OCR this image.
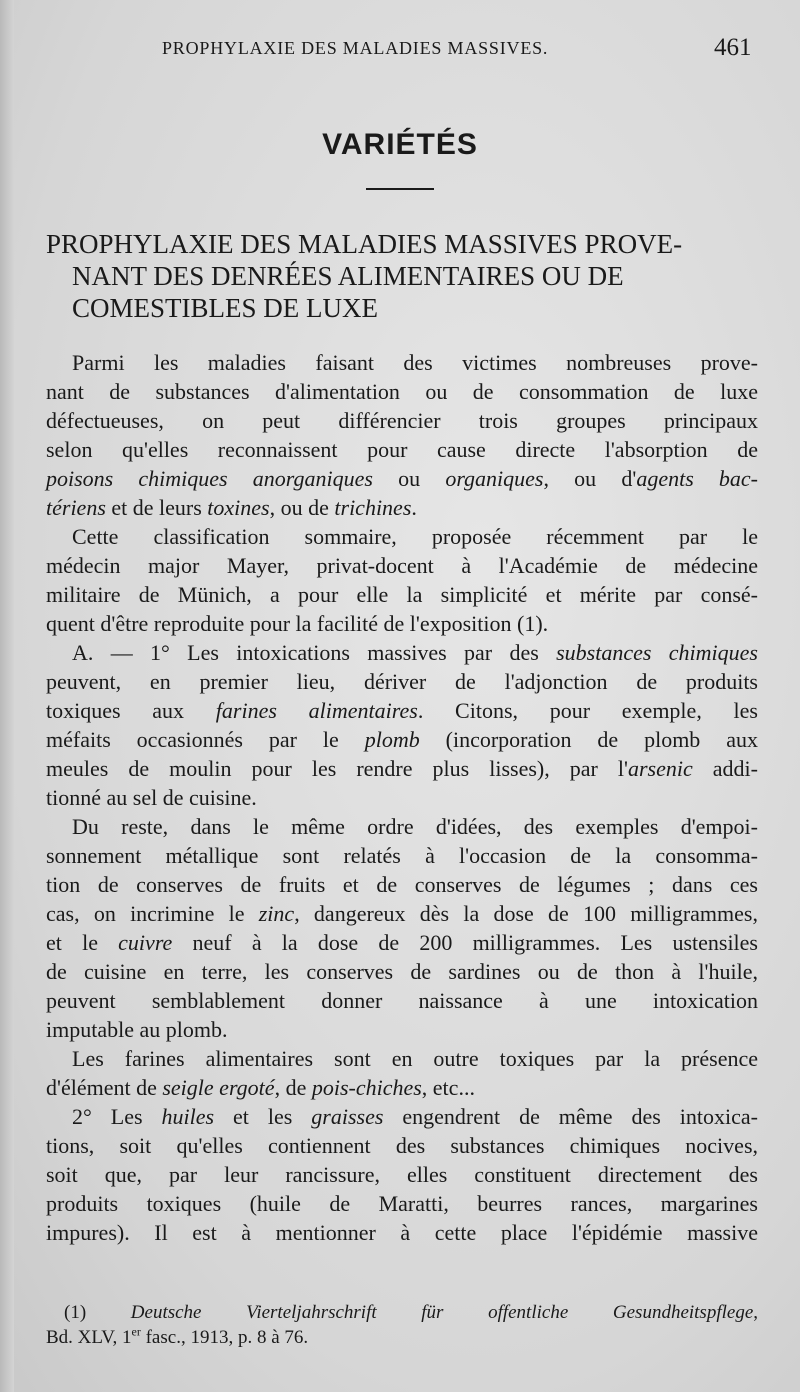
PROPHYLAXIE DES MALADIES MASSIVES.	461
VARIÉTÉS
PROPHYLAXIE DES MALADIES MASSIVES PROVE-
NANT DES DENRÉES ALIMENTAIRES OU DE
COMESTIBLES DE LUXE
Parmi les maladies faisant des victimes nombreuses prove-
nant de substances d'alimentation ou de consommation de luxe
défectueuses, on peut différencier trois groupes principaux
selon qu'elles reconnaissent pour cause directe l'absorption de
poisons chimiques anorganiques ou organiques, ou d'agents bac-
tériens et de leurs toxines, ou de trichines.
Cette classification sommaire, proposée récemment par le
médecin major Mayer, privat-docent à l'Académie de médecine
militaire de Münich, a pour elle la simplicité et mérite par consé-
quent d'être reproduite pour la facilité de l'exposition (1).
A. — 1° Les intoxications massives par des substances chimiques
peuvent, en premier lieu, dériver de l'adjonction de produits
toxiques aux farines alimentaires. Citons, pour exemple, les
méfaits occasionnés par le plomb (incorporation de plomb aux
meules de moulin pour les rendre plus lisses), par l'arsenic addi-
tionné au sel de cuisine.
Du reste, dans le même ordre d'idées, des exemples d'empoi-
sonnement métallique sont relatés à l'occasion de la consomma-
tion de conserves de fruits et de conserves de légumes ; dans ces
cas, on incrimine le zinc, dangereux dès la dose de 100 milligrammes,
et le cuivre neuf à la dose de 200 milligrammes. Les ustensiles
de cuisine en terre, les conserves de sardines ou de thon à l'huile,
peuvent semblablement donner naissance à une intoxication
imputable au plomb.
Les farines alimentaires sont en outre toxiques par la présence
d'élément de seigle ergoté, de pois-chiches, etc...
2° Les huiles et les graisses engendrent de même des intoxica-
tions, soit qu'elles contiennent des substances chimiques nocives,
soit que, par leur rancissure, elles constituent directement des
produits toxiques (huile de Maratti, beurres rances, margarines
impures). Il est à mentionner à cette place l'épidémie massive
(1) Deutsche Vierteljahrschrift für offentliche Gesundheitspflege,
Bd. XLV, 1er fasc., 1913, p. 8 à 76.
